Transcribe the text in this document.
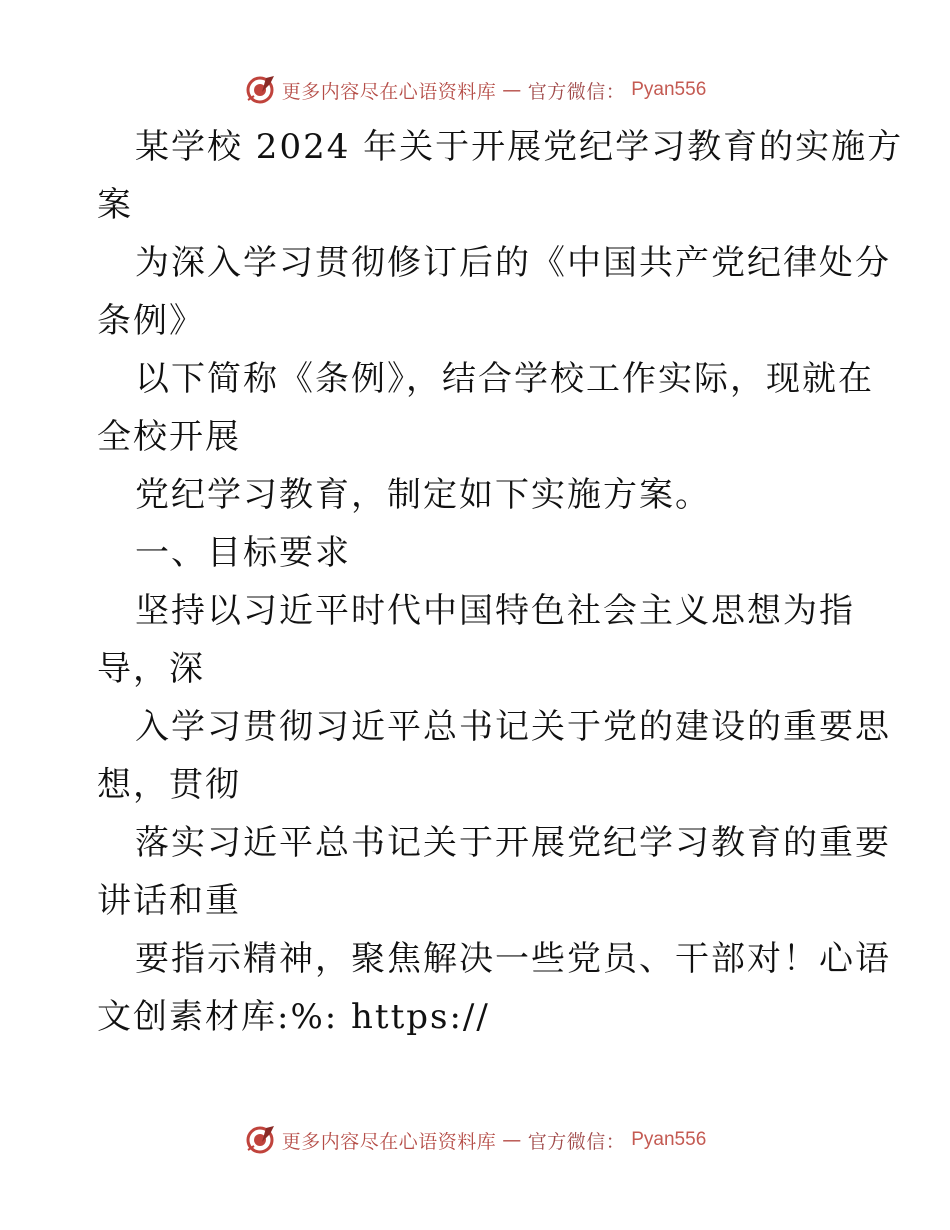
更多内容尽在心语资料库 — 官方微信： Pyan556
某学校 2024 年关于开展党纪学习教育的实施方
案
为深入学习贯彻修订后的《中国共产党纪律处分
条例》
以下简称《条例》，结合学校工作实际，现就在
全校开展
党纪学习教育，制定如下实施方案。
一、目标要求
坚持以习近平时代中国特色社会主义思想为指
导，深
入学习贯彻习近平总书记关于党的建设的重要思
想，贯彻
落实习近平总书记关于开展党纪学习教育的重要
讲话和重
要指示精神，聚焦解决一些党员、干部对！心语
文创素材库:%: https://
更多内容尽在心语资料库 — 官方微信： Pyan556
